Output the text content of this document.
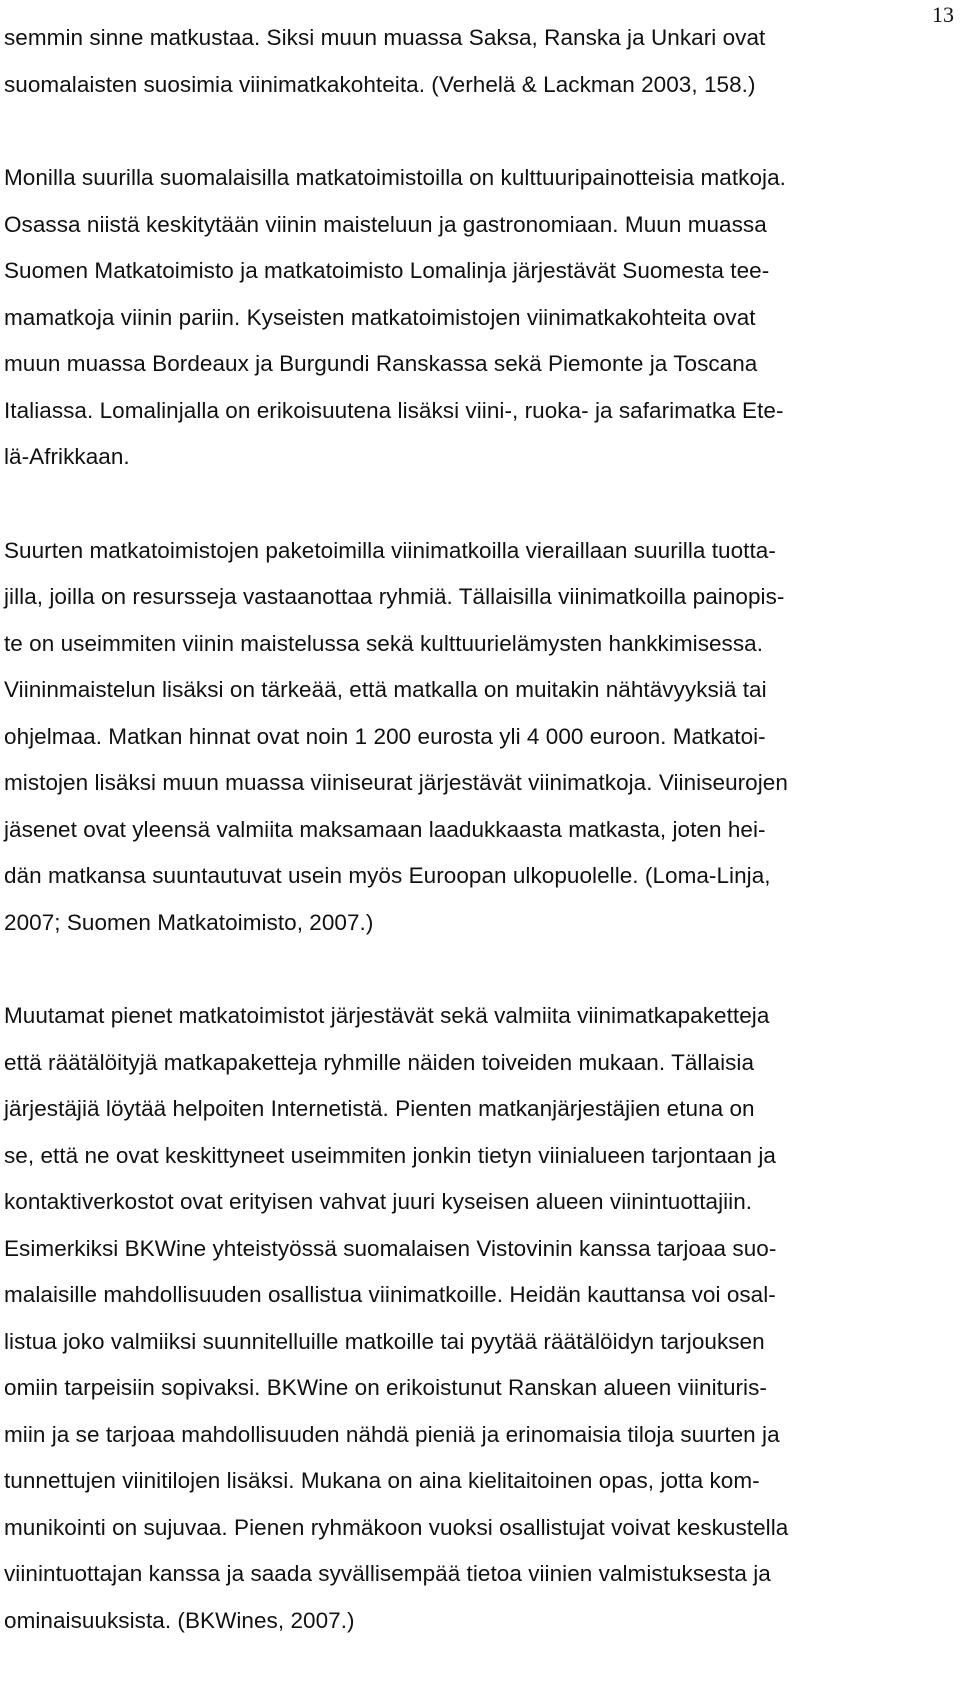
13
semmin sinne matkustaa. Siksi muun muassa Saksa, Ranska ja Unkari ovat
suomalaisten suosimia viinimatkakohteita. (Verhelä & Lackman 2003, 158.)
Monilla suurilla suomalaisilla matkatoimistoilla on kulttuuripainotteisia matkoja.
Osassa niistä keskitytään viinin maisteluun ja gastronomiaan. Muun muassa
Suomen Matkatoimisto ja matkatoimisto Lomalinja järjestävät Suomesta tee-
mamatkoja viinin pariin. Kyseisten matkatoimistojen viinimatkakohteita ovat
muun muassa Bordeaux ja Burgundi Ranskassa sekä Piemonte ja Toscana
Italiassa. Lomalinjalla on erikoisuutena lisäksi viini-, ruoka- ja safarimatka Ete-
lä-Afrikkaan.
Suurten matkatoimistojen paketoimilla viinimatkoilla vieraillaan suurilla tuotta-
jilla, joilla on resursseja vastaanottaa ryhmiä. Tällaisilla viinimatkoilla painopis-
te on useimmiten viinin maistelussa sekä kulttuurielämysten hankkimisessa.
Viininmaistelun lisäksi on tärkeää, että matkalla on muitakin nähtävyyksiä tai
ohjelmaa. Matkan hinnat ovat noin 1 200 eurosta yli 4 000 euroon. Matkatoi-
mistojen lisäksi muun muassa viiniseurat järjestävät viinimatkoja. Viiniseurojen
jäsenet ovat yleensä valmiita maksamaan laadukkaasta matkasta, joten hei-
dän matkansa suuntautuvat usein myös Euroopan ulkopuolelle. (Loma-Linja,
2007; Suomen Matkatoimisto, 2007.)
Muutamat pienet matkatoimistot järjestävät sekä valmiita viinimatkapaketteja
että räätälöityjä matkapaketteja ryhmille näiden toiveiden mukaan. Tällaisia
järjestäjiä löytää helpoiten Internetistä. Pienten matkanjärjestäjien etuna on
se, että ne ovat keskittyneet useimmiten jonkin tietyn viinialueen tarjontaan ja
kontaktiverkostot ovat erityisen vahvat juuri kyseisen alueen viinintuottajiin.
Esimerkiksi BKWine yhteistyössä suomalaisen Vistovinin kanssa tarjoaa suo-
malaisille mahdollisuuden osallistua viinimatkoille. Heidän kauttansa voi osal-
listua joko valmiiksi suunnitelluille matkoille tai pyytää räätälöidyn tarjouksen
omiin tarpeisiin sopivaksi. BKWine on erikoistunut Ranskan alueen viinituris-
miin ja se tarjoaa mahdollisuuden nähdä pieniä ja erinomaisia tiloja suurten ja
tunnettujen viinitilojen lisäksi. Mukana on aina kielitaitoinen opas, jotta kom-
munikointi on sujuvaa. Pienen ryhmäkoon vuoksi osallistujat voivat keskustella
viinintuottajan kanssa ja saada syvällisempää tietoa viinien valmistuksesta ja
ominaisuuksista. (BKWines, 2007.)
